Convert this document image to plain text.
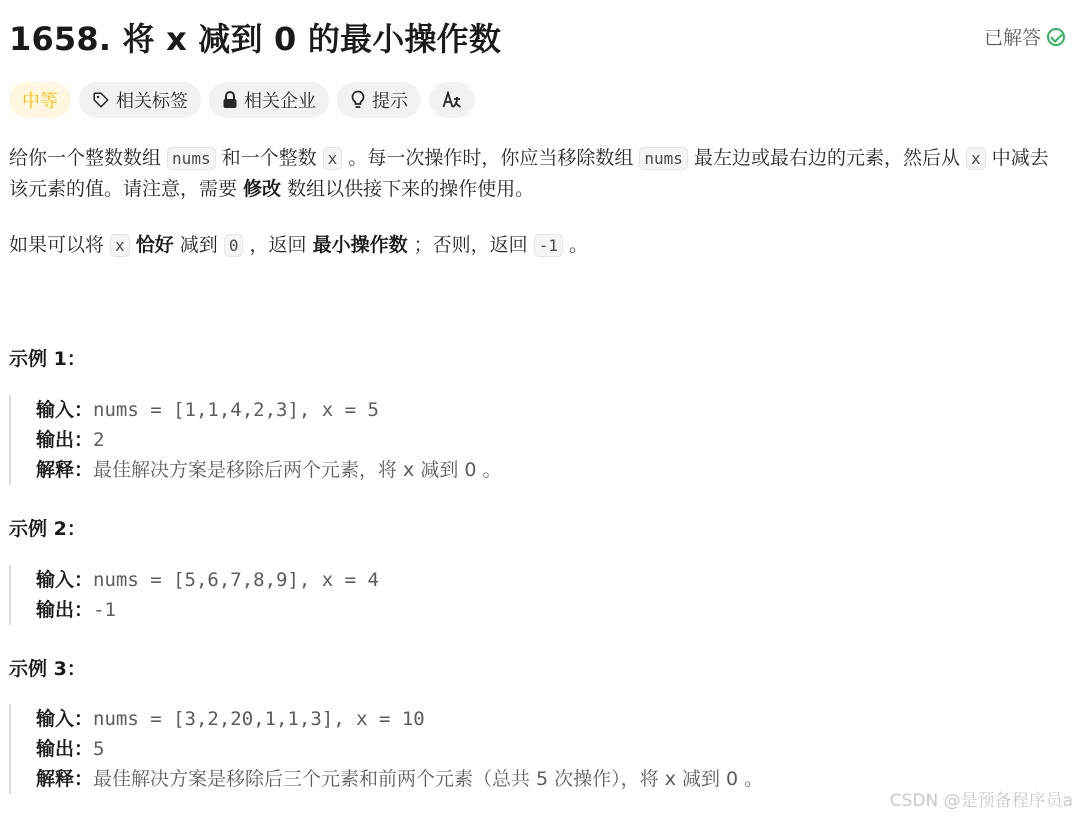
1658. 将 x 减到 0 的最小操作数	已解答
中等	相关标签	相关企业	提示
给你一个整数数组 nums 和一个整数 x 。每一次操作时，你应当移除数组 nums 最左边或最右边的元素，然后从 x 中减去该元素的值。请注意，需要 修改 数组以供接下来的操作使用。
如果可以将 x 恰好 减到 0 ，返回 最小操作数 ；否则，返回 -1 。
示例 1：
输入：nums = [1,1,4,2,3], x = 5
输出：2
解释：最佳解决方案是移除后两个元素，将 x 减到 0 。
示例 2：
输入：nums = [5,6,7,8,9], x = 4
输出：-1
示例 3：
输入：nums = [3,2,20,1,1,3], x = 10
输出：5
解释：最佳解决方案是移除后三个元素和前两个元素（总共 5 次操作），将 x 减到 0 。
CSDN @是预备程序员a
